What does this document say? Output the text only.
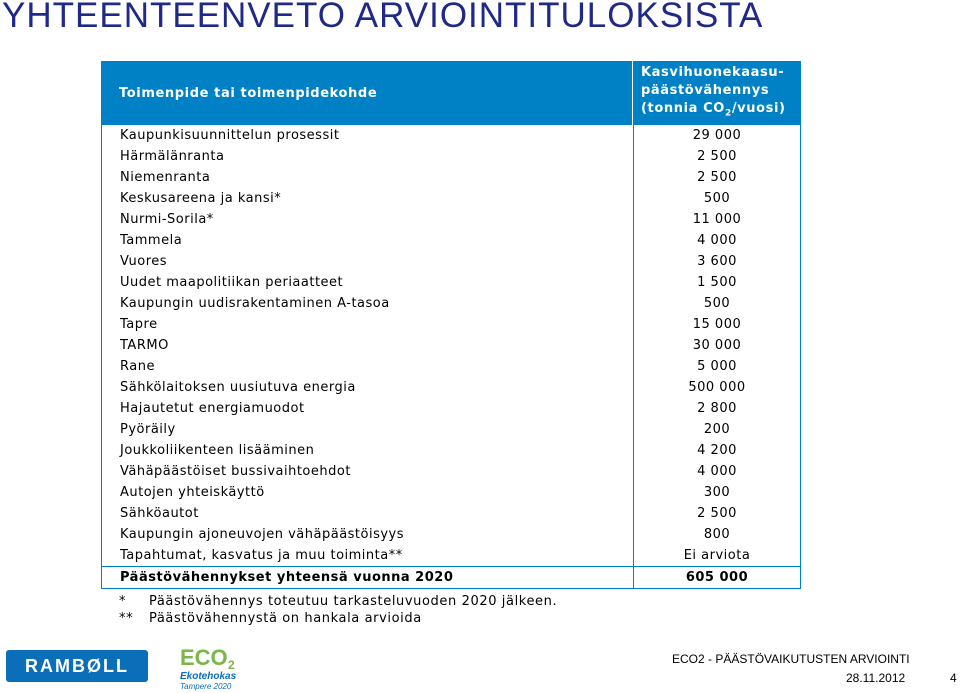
YHTEENTEENVETO ARVIOINTITULOKSISTA
Toimenpide tai toimenpidekohde
Kasvihuonekaasu-
päästövähennys
(tonnia $CO_2/vuosi$)
Kaupunkisuunnittelun prosessit	29 000
Härmälänranta	2 500
Niemenranta	2 500
Keskusareena ja kansi*	500
Nurmi-Sorila*	11 000
Tammela	4 000
Vuores	3 600
Uudet maapolitiikan periaatteet	1 500
Kaupungin uudisrakentaminen A-tasoa	500
Tapre	15 000
TARMO	30 000
Rane	5 000
Sähkölaitoksen uusiutuva energia	500 000
Hajautetut energiamuodot	2 800
Pyöräily	200
Joukkoliikenteen lisääminen	4 200
Vähäpäästöiset bussivaihtoehdot	4 000
Autojen yhteiskäyttö	300
Sähköautot	2 500
Kaupungin ajoneuvojen vähäpäästöisyys	800
Tapahtumat, kasvatus ja muu toiminta**	Ei arviota
Päästövähennykset yhteensä vuonna 2020	605 000
* Päästövähennys toteutuu tarkasteluvuoden 2020 jälkeen.
** Päästövähennystä on hankala arvioida
RAMBØLL ECO 2
Ekotehokas
Tampere 2020
ECO2 - PÄÄSTÖVAIKUTUSTEN ARVIOINTI
28.11.2012	4
